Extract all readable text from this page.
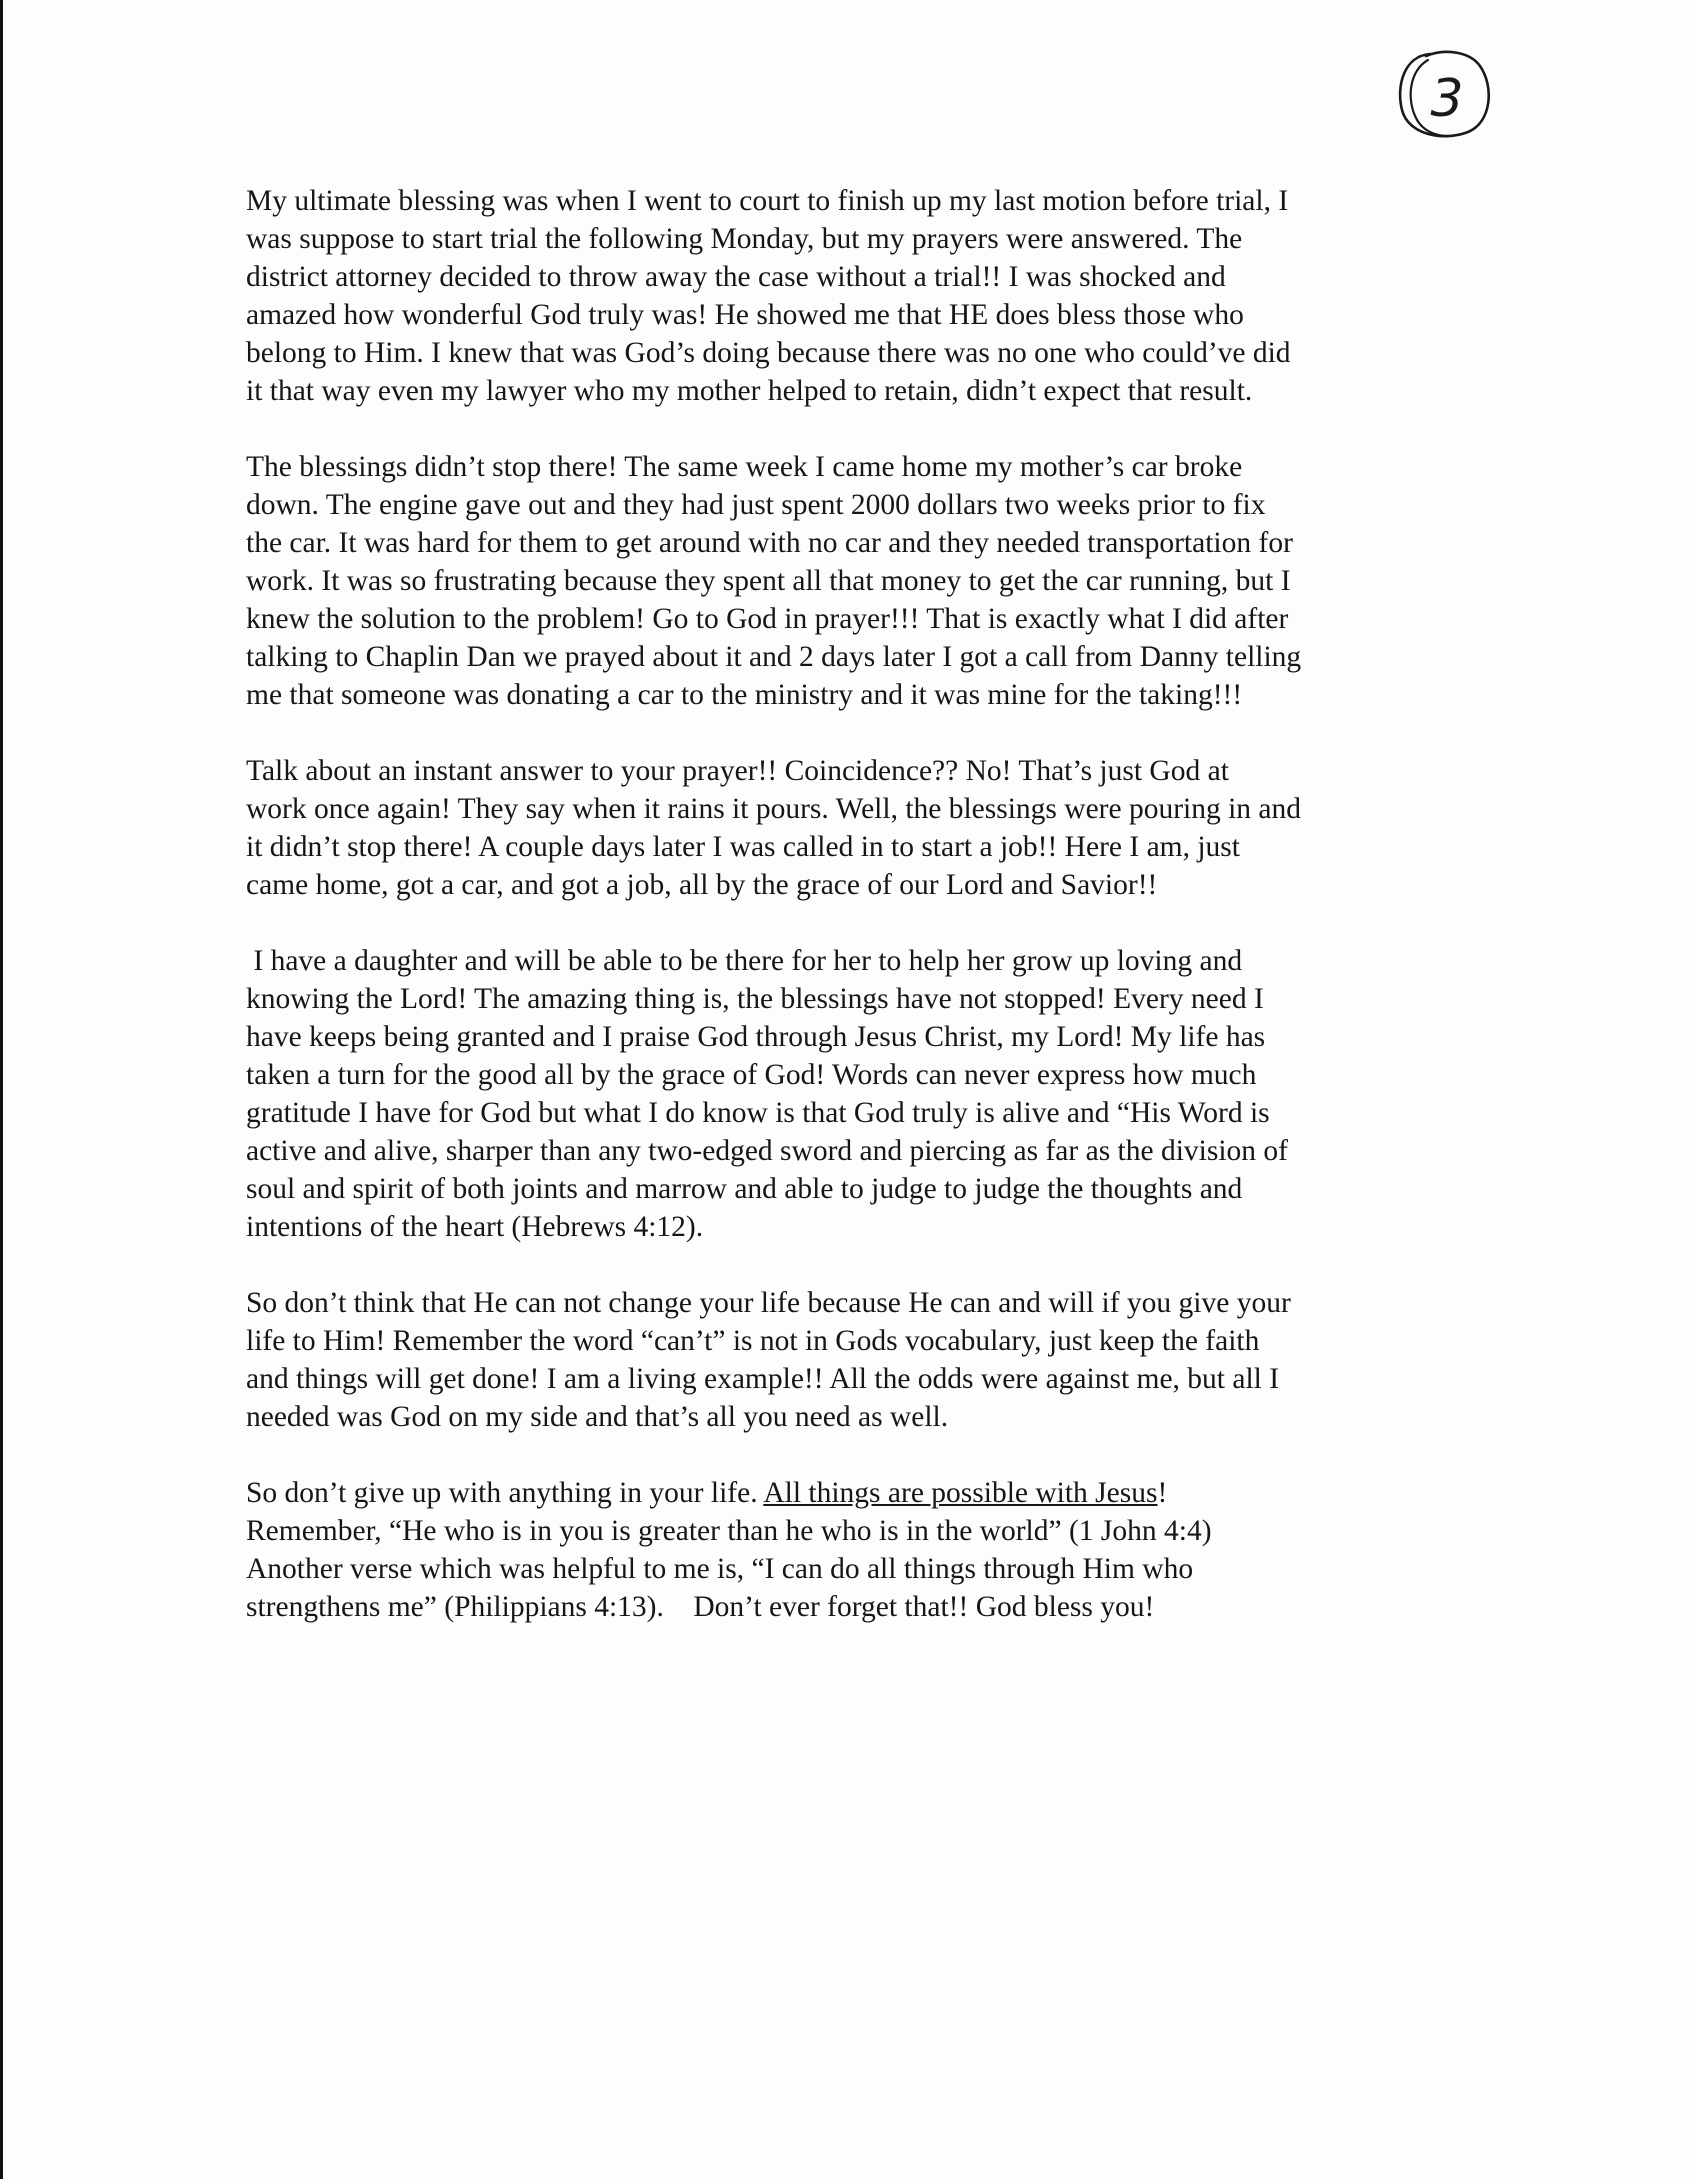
3

My ultimate blessing was when I went to court to finish up my last motion before trial, I
was suppose to start trial the following Monday, but my prayers were answered. The
district attorney decided to throw away the case without a trial!! I was shocked and
amazed how wonderful God truly was! He showed me that HE does bless those who
belong to Him. I knew that was God’s doing because there was no one who could’ve did
it that way even my lawyer who my mother helped to retain, didn’t expect that result.

The blessings didn’t stop there! The same week I came home my mother’s car broke
down. The engine gave out and they had just spent 2000 dollars two weeks prior to fix
the car. It was hard for them to get around with no car and they needed transportation for
work. It was so frustrating because they spent all that money to get the car running, but I
knew the solution to the problem! Go to God in prayer!!! That is exactly what I did after
talking to Chaplin Dan we prayed about it and 2 days later I got a call from Danny telling
me that someone was donating a car to the ministry and it was mine for the taking!!!

Talk about an instant answer to your prayer!! Coincidence?? No! That’s just God at
work once again! They say when it rains it pours. Well, the blessings were pouring in and
it didn’t stop there! A couple days later I was called in to start a job!! Here I am, just
came home, got a car, and got a job, all by the grace of our Lord and Savior!!

I have a daughter and will be able to be there for her to help her grow up loving and
knowing the Lord! The amazing thing is, the blessings have not stopped! Every need I
have keeps being granted and I praise God through Jesus Christ, my Lord! My life has
taken a turn for the good all by the grace of God! Words can never express how much
gratitude I have for God but what I do know is that God truly is alive and “His Word is
active and alive, sharper than any two-edged sword and piercing as far as the division of
soul and spirit of both joints and marrow and able to judge to judge the thoughts and
intentions of the heart (Hebrews 4:12).

So don’t think that He can not change your life because He can and will if you give your
life to Him! Remember the word “can’t” is not in Gods vocabulary, just keep the faith
and things will get done! I am a living example!! All the odds were against me, but all I
needed was God on my side and that’s all you need as well.

So don’t give up with anything in your life. All things are possible with Jesus!
Remember, “He who is in you is greater than he who is in the world” (1 John 4:4)
Another verse which was helpful to me is, “I can do all things through Him who
strengthens me” (Philippians 4:13).    Don’t ever forget that!! God bless you!
